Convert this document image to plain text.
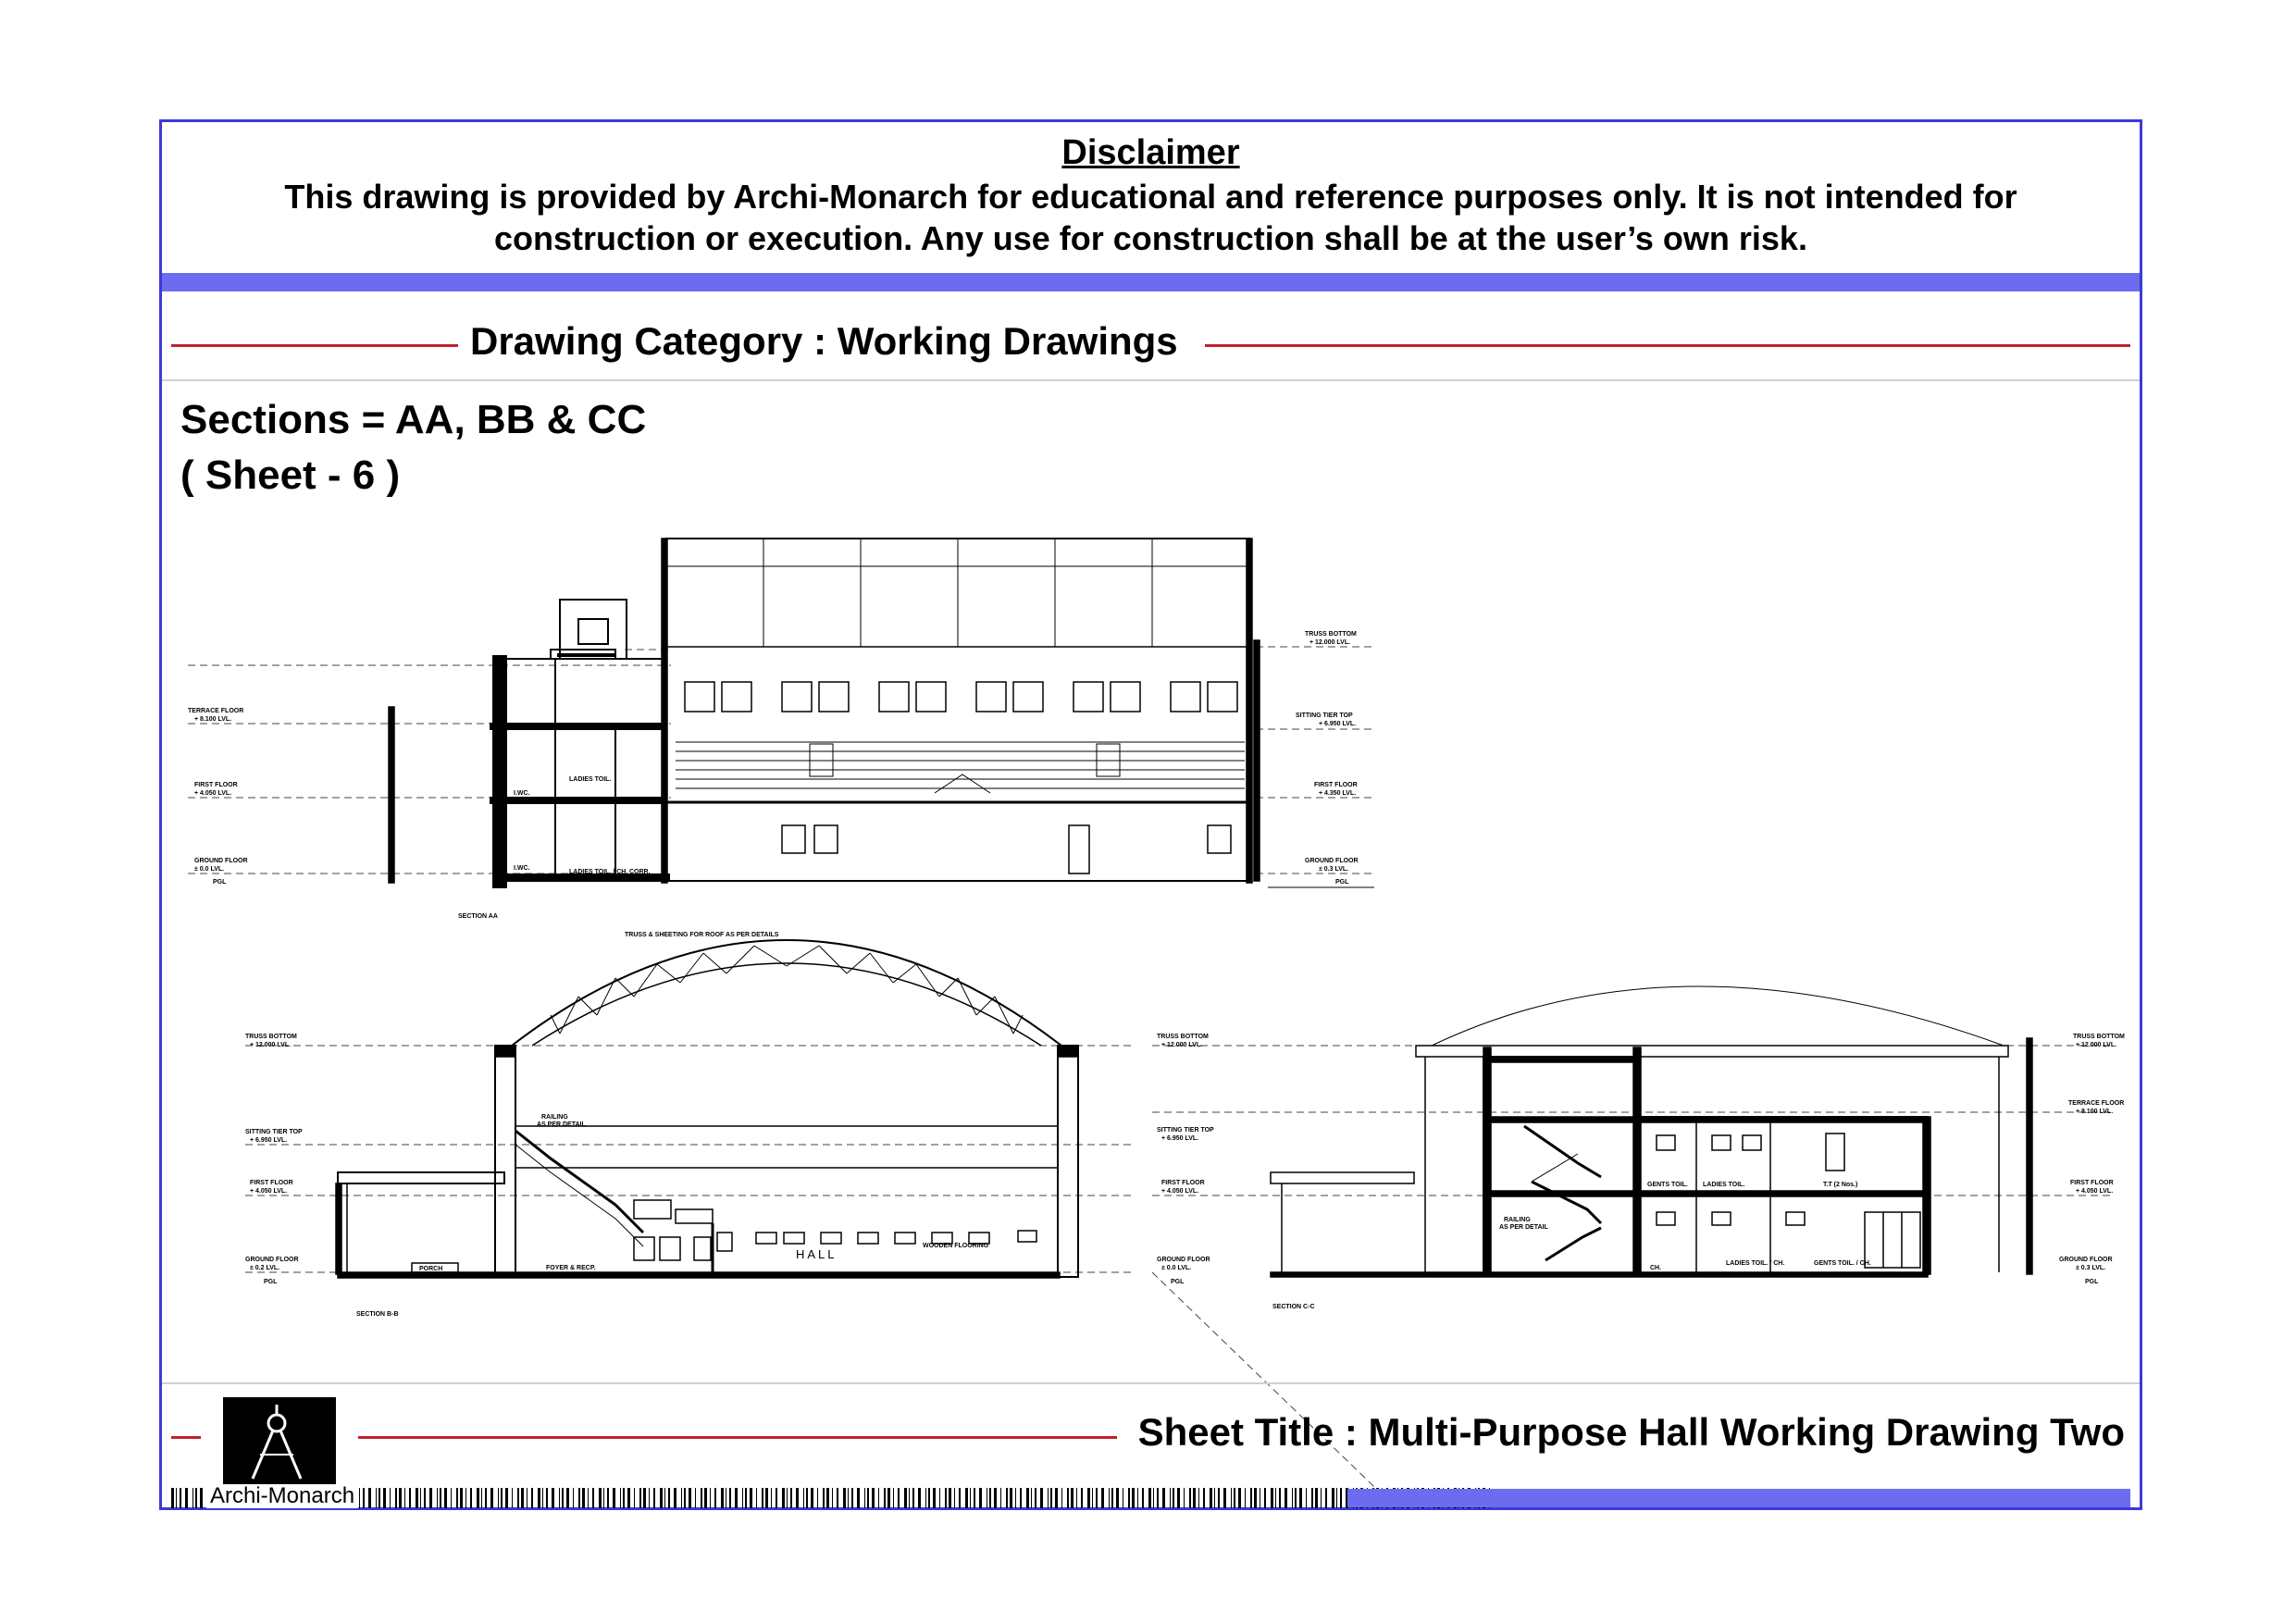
Disclaimer
This drawing is provided by Archi-Monarch for educational and reference purposes only. It is not intended for
construction or execution. Any use for construction shall be at the user’s own risk.
Drawing Category : Working Drawings
Sections = AA, BB & CC
( Sheet - 6 )
TERRACE FLOOR
+ 8.100 LVL.
FIRST FLOOR
+ 4.050 LVL.
GROUND FLOOR
± 0.0 LVL.
PGL
TRUSS BOTTOM
+ 12.000 LVL.
SITTING TIER TOP
+ 6.950 LVL.
FIRST FLOOR
+ 4.350 LVL.
GROUND FLOOR
± 0.3 LVL.
PGL
I.WC.
LADIES TOIL.
I.WC.
LADIES TOIL. / CH. CORR.
SECTION AA
TRUSS & SHEETING FOR ROOF AS PER DETAILS
TRUSS BOTTOM
+ 12.000 LVL.
SITTING TIER TOP
+ 6.950 LVL.
FIRST FLOOR
+ 4.050 LVL.
GROUND FLOOR
± 0.2 LVL.
PGL
RAILING
AS PER DETAIL
PORCH	FOYER & RECP.
HALL
WOODEN FLOORING
SECTION B-B
TRUSS BOTTOM
+ 12.000 LVL.
SITTING TIER TOP
+ 6.950 LVL.
FIRST FLOOR
+ 4.050 LVL.
GROUND FLOOR
± 0.0 LVL.
PGL
TRUSS BOTTOM
+ 12.000 LVL.
TERRACE FLOOR
+ 8.100 LVL.
FIRST FLOOR
+ 4.050 LVL.
GROUND FLOOR
± 0.3 LVL.
PGL
RAILING
AS PER DETAIL
GENTS TOIL. LADIES TOIL.	T.T (2 Nos.)
LADIES TOIL. / CH.	GENTS TOIL. / CH.
CH.
SECTION C-C
Sheet Title : Multi-Purpose Hall Working Drawing Two
Archi-Monarch
